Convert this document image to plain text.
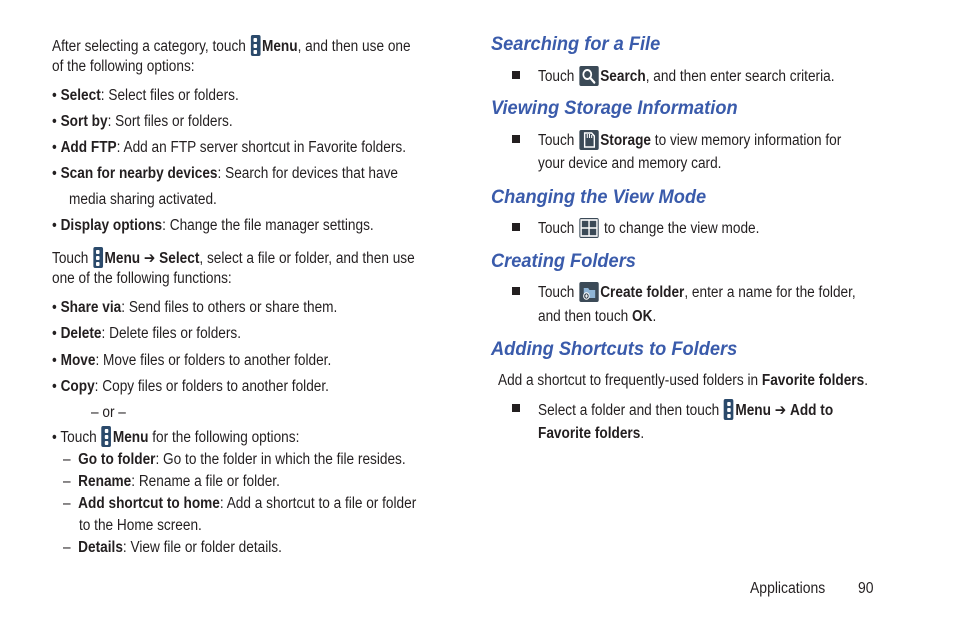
After selecting a category, touch Menu, and then use one
of the following options:
• Select: Select files or folders.
• Sort by: Sort files or folders.
• Add FTP: Add an FTP server shortcut in Favorite folders.
• Scan for nearby devices: Search for devices that have
media sharing activated.
• Display options: Change the file manager settings.
Touch Menu ➔ Select, select a file or folder, and then use
one of the following functions:
• Share via: Send files to others or share them.
• Delete: Delete files or folders.
• Move: Move files or folders to another folder.
• Copy: Copy files or folders to another folder.
– or –
• Touch Menu for the following options:
– Go to folder: Go to the folder in which the file resides.
– Rename: Rename a file or folder.
– Add shortcut to home: Add a shortcut to a file or folder
to the Home screen.
– Details: View file or folder details.
Searching for a File
Touch Search, and then enter search criteria.
Viewing Storage Information
Touch Storage to view memory information for
your device and memory card.
Changing the View Mode
Touch
to change the view mode.
Creating Folders
Touch Create folder, enter a name for the folder,
and then touch OK.
Adding Shortcuts to Folders
Add a shortcut to frequently-used folders in Favorite folders.
Select a folder and then touch Menu ➔ Add to
Favorite folders.
Applications 90
